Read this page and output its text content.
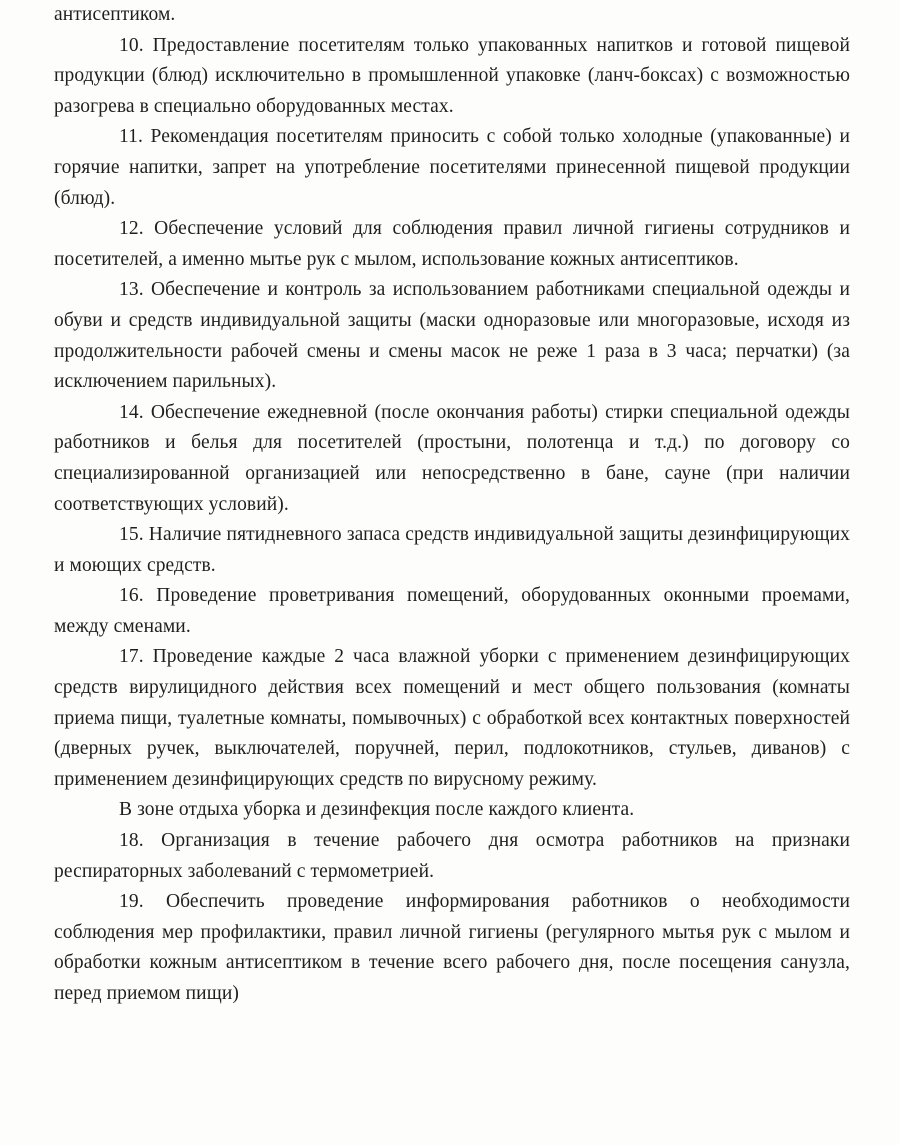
антисептиком.

10. Предоставление посетителям только упакованных напитков и готовой пищевой продукции (блюд) исключительно в промышленной упаковке (ланч-боксах) с возможностью разогрева в специально оборудованных местах.

11. Рекомендация посетителям приносить с собой только холодные (упакованные) и горячие напитки, запрет на употребление посетителями принесенной пищевой продукции (блюд).

12. Обеспечение условий для соблюдения правил личной гигиены сотрудников и посетителей, а именно мытье рук с мылом, использование кожных антисептиков.

13. Обеспечение и контроль за использованием работниками специальной одежды и обуви и средств индивидуальной защиты (маски одноразовые или многоразовые, исходя из продолжительности рабочей смены и смены масок не реже 1 раза в 3 часа; перчатки) (за исключением парильных).

14. Обеспечение ежедневной (после окончания работы) стирки специальной одежды работников и белья для посетителей (простыни, полотенца и т.д.) по договору со специализированной организацией или непосредственно в бане, сауне (при наличии соответствующих условий).

15. Наличие пятидневного запаса средств индивидуальной защиты дезинфицирующих и моющих средств.

16. Проведение проветривания помещений, оборудованных оконными проемами, между сменами.

17. Проведение каждые 2 часа влажной уборки с применением дезинфицирующих средств вирулицидного действия всех помещений и мест общего пользования (комнаты приема пищи, туалетные комнаты, помывочных) с обработкой всех контактных поверхностей (дверных ручек, выключателей, поручней, перил, подлокотников, стульев, диванов) с применением дезинфицирующих средств по вирусному режиму.

В зоне отдыха уборка и дезинфекция после каждого клиента.

18. Организация в течение рабочего дня осмотра работников на признаки респираторных заболеваний с термометрией.

19. Обеспечить проведение информирования работников о необходимости соблюдения мер профилактики, правил личной гигиены (регулярного мытья рук с мылом и обработки кожным антисептиком в течение всего рабочего дня, после посещения санузла, перед приемом пищи)
